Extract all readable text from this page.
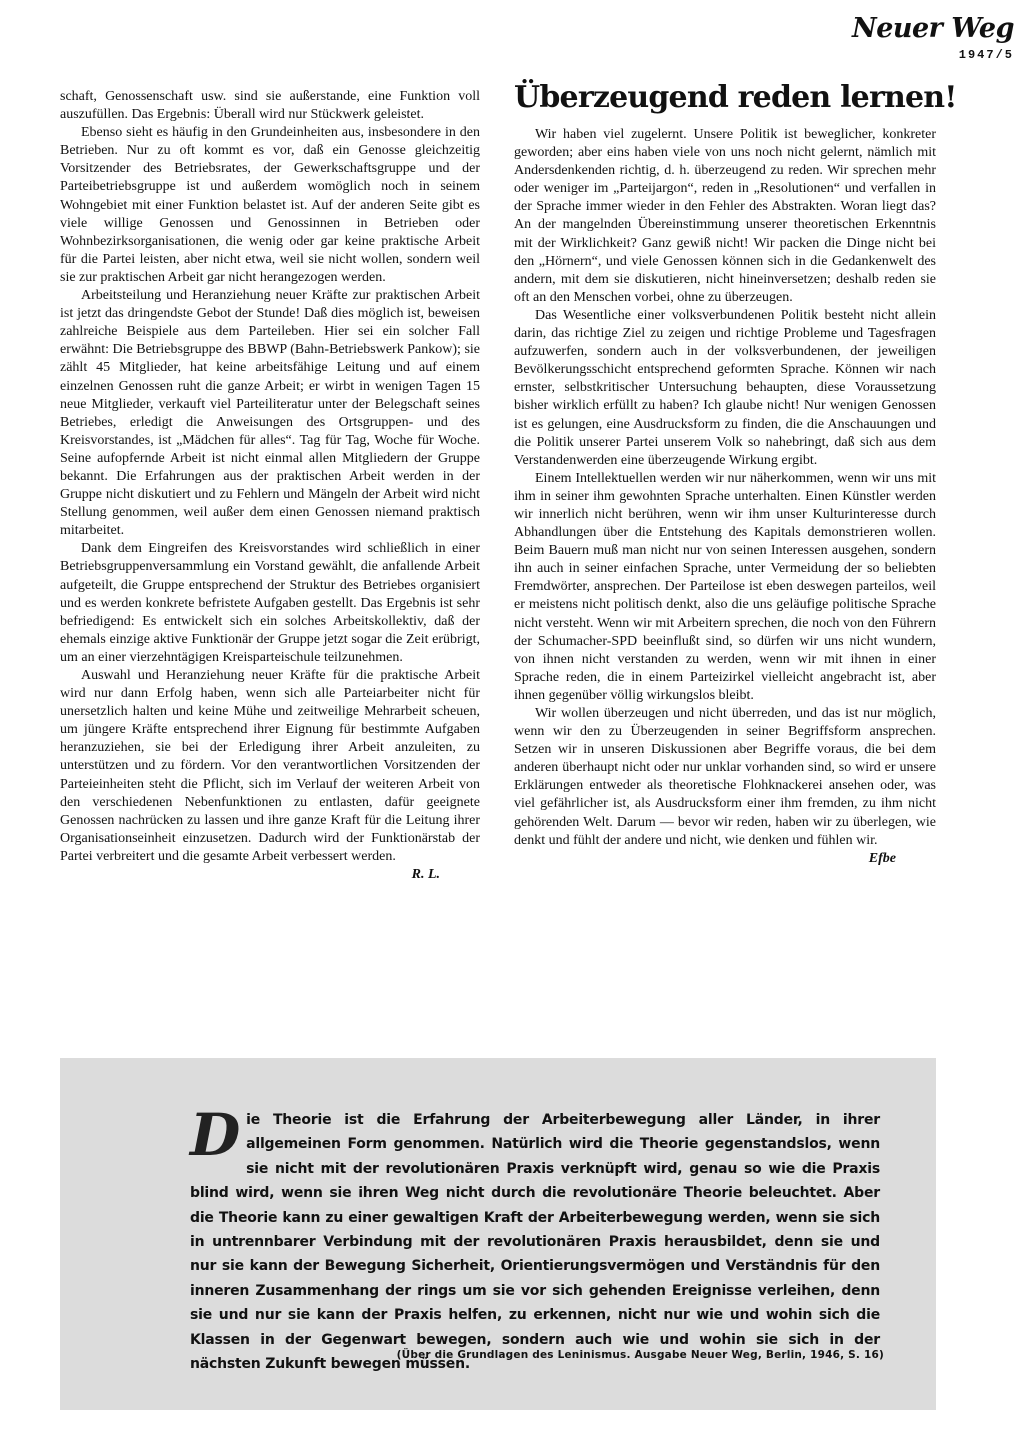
Neuer Weg
1947/5

schaft, Genossenschaft usw. sind sie außerstande, eine Funktion voll auszufüllen. Das Ergebnis: Überall wird nur Stückwerk geleistet.

Ebenso sieht es häufig in den Grundeinheiten aus, insbesondere in den Betrieben. Nur zu oft kommt es vor, daß ein Genosse gleichzeitig Vorsitzender des Betriebsrates, der Gewerkschaftsgruppe und der Parteibetriebsgruppe ist und außerdem womöglich noch in seinem Wohngebiet mit einer Funktion belastet ist. Auf der anderen Seite gibt es viele willige Genossen und Genossinnen in Betrieben oder Wohnbezirksorganisationen, die wenig oder gar keine praktische Arbeit für die Partei leisten, aber nicht etwa, weil sie nicht wollen, sondern weil sie zur praktischen Arbeit gar nicht herangezogen werden.

Arbeitsteilung und Heranziehung neuer Kräfte zur praktischen Arbeit ist jetzt das dringendste Gebot der Stunde! Daß dies möglich ist, beweisen zahlreiche Beispiele aus dem Parteileben. Hier sei ein solcher Fall erwähnt: Die Betriebsgruppe des BBWP (Bahn-Betriebswerk Pankow); sie zählt 45 Mitglieder, hat keine arbeitsfähige Leitung und auf einem einzelnen Genossen ruht die ganze Arbeit; er wirbt in wenigen Tagen 15 neue Mitglieder, verkauft viel Parteiliteratur unter der Belegschaft seines Betriebes, erledigt die Anweisungen des Ortsgruppen- und des Kreisvorstandes, ist „Mädchen für alles“. Tag für Tag, Woche für Woche. Seine aufopfernde Arbeit ist nicht einmal allen Mitgliedern der Gruppe bekannt. Die Erfahrungen aus der praktischen Arbeit werden in der Gruppe nicht diskutiert und zu Fehlern und Mängeln der Arbeit wird nicht Stellung genommen, weil außer dem einen Genossen niemand praktisch mitarbeitet.

Dank dem Eingreifen des Kreisvorstandes wird schließlich in einer Betriebsgruppenversammlung ein Vorstand gewählt, die anfallende Arbeit aufgeteilt, die Gruppe entsprechend der Struktur des Betriebes organisiert und es werden konkrete befristete Aufgaben gestellt. Das Ergebnis ist sehr befriedigend: Es entwickelt sich ein solches Arbeitskollektiv, daß der ehemals einzige aktive Funktionär der Gruppe jetzt sogar die Zeit erübrigt, um an einer vierzehntägigen Kreisparteischule teilzunehmen.

Auswahl und Heranziehung neuer Kräfte für die praktische Arbeit wird nur dann Erfolg haben, wenn sich alle Parteiarbeiter nicht für unersetzlich halten und keine Mühe und zeitweilige Mehrarbeit scheuen, um jüngere Kräfte entsprechend ihrer Eignung für bestimmte Aufgaben heranzuziehen, sie bei der Erledigung ihrer Arbeit anzuleiten, zu unterstützen und zu fördern. Vor den verantwortlichen Vorsitzenden der Parteieinheiten steht die Pflicht, sich im Verlauf der weiteren Arbeit von den verschiedenen Nebenfunktionen zu entlasten, dafür geeignete Genossen nachrücken zu lassen und ihre ganze Kraft für die Leitung ihrer Organisationseinheit einzusetzen. Dadurch wird der Funktionärstab der Partei verbreitert und die gesamte Arbeit verbessert werden.
R. L.

Überzeugend reden lernen!

Wir haben viel zugelernt. Unsere Politik ist beweglicher, konkreter geworden; aber eins haben viele von uns noch nicht gelernt, nämlich mit Andersdenkenden richtig, d. h. überzeugend zu reden. Wir sprechen mehr oder weniger im „Parteijargon“, reden in „Resolutionen“ und verfallen in der Sprache immer wieder in den Fehler des Abstrakten. Woran liegt das? An der mangelnden Übereinstimmung unserer theoretischen Erkenntnis mit der Wirklichkeit? Ganz gewiß nicht! Wir packen die Dinge nicht bei den „Hörnern“, und viele Genossen können sich in die Gedankenwelt des andern, mit dem sie diskutieren, nicht hineinversetzen; deshalb reden sie oft an den Menschen vorbei, ohne zu überzeugen.

Das Wesentliche einer volksverbundenen Politik besteht nicht allein darin, das richtige Ziel zu zeigen und richtige Probleme und Tagesfragen aufzuwerfen, sondern auch in der volksverbundenen, der jeweiligen Bevölkerungsschicht entsprechend geformten Sprache. Können wir nach ernster, selbstkritischer Untersuchung behaupten, diese Voraussetzung bisher wirklich erfüllt zu haben? Ich glaube nicht! Nur wenigen Genossen ist es gelungen, eine Ausdrucksform zu finden, die die Anschauungen und die Politik unserer Partei unserem Volk so nahebringt, daß sich aus dem Verstandenwerden eine überzeugende Wirkung ergibt.

Einem Intellektuellen werden wir nur näherkommen, wenn wir uns mit ihm in seiner ihm gewohnten Sprache unterhalten. Einen Künstler werden wir innerlich nicht berühren, wenn wir ihm unser Kulturinteresse durch Abhandlungen über die Entstehung des Kapitals demonstrieren wollen. Beim Bauern muß man nicht nur von seinen Interessen ausgehen, sondern ihn auch in seiner einfachen Sprache, unter Vermeidung der so beliebten Fremdwörter, ansprechen. Der Parteilose ist eben deswegen parteilos, weil er meistens nicht politisch denkt, also die uns geläufige politische Sprache nicht versteht. Wenn wir mit Arbeitern sprechen, die noch von den Führern der Schumacher-SPD beeinflußt sind, so dürfen wir uns nicht wundern, von ihnen nicht verstanden zu werden, wenn wir mit ihnen in einer Sprache reden, die in einem Parteizirkel vielleicht angebracht ist, aber ihnen gegenüber völlig wirkungslos bleibt.

Wir wollen überzeugen und nicht überreden, und das ist nur möglich, wenn wir den zu Überzeugenden in seiner Begriffsform ansprechen. Setzen wir in unseren Diskussionen aber Begriffe voraus, die bei dem anderen überhaupt nicht oder nur unklar vorhanden sind, so wird er unsere Erklärungen entweder als theoretische Flohknackerei ansehen oder, was viel gefährlicher ist, als Ausdrucksform einer ihm fremden, zu ihm nicht gehörenden Welt. Darum — bevor wir reden, haben wir zu überlegen, wie denkt und fühlt der andere und nicht, wie denken und fühlen wir.
Efbe

Die Theorie ist die Erfahrung der Arbeiterbewegung aller Länder, in ihrer allgemeinen Form genommen. Natürlich wird die Theorie gegenstandslos, wenn sie nicht mit der revolutionären Praxis verknüpft wird, genau so wie die Praxis blind wird, wenn sie ihren Weg nicht durch die revolutionäre Theorie beleuchtet. Aber die Theorie kann zu einer gewaltigen Kraft der Arbeiterbewegung werden, wenn sie sich in untrennbarer Verbindung mit der revolutionären Praxis herausbildet, denn sie und nur sie kann der Bewegung Sicherheit, Orientierungsvermögen und Verständnis für den inneren Zusammenhang der rings um sie vor sich gehenden Ereignisse verleihen, denn sie und nur sie kann der Praxis helfen, zu erkennen, nicht nur wie und wohin sich die Klassen in der Gegenwart bewegen, sondern auch wie und wohin sie sich in der nächsten Zukunft bewegen müssen.
(Über die Grundlagen des Leninismus. Ausgabe Neuer Weg, Berlin, 1946, S. 16)
